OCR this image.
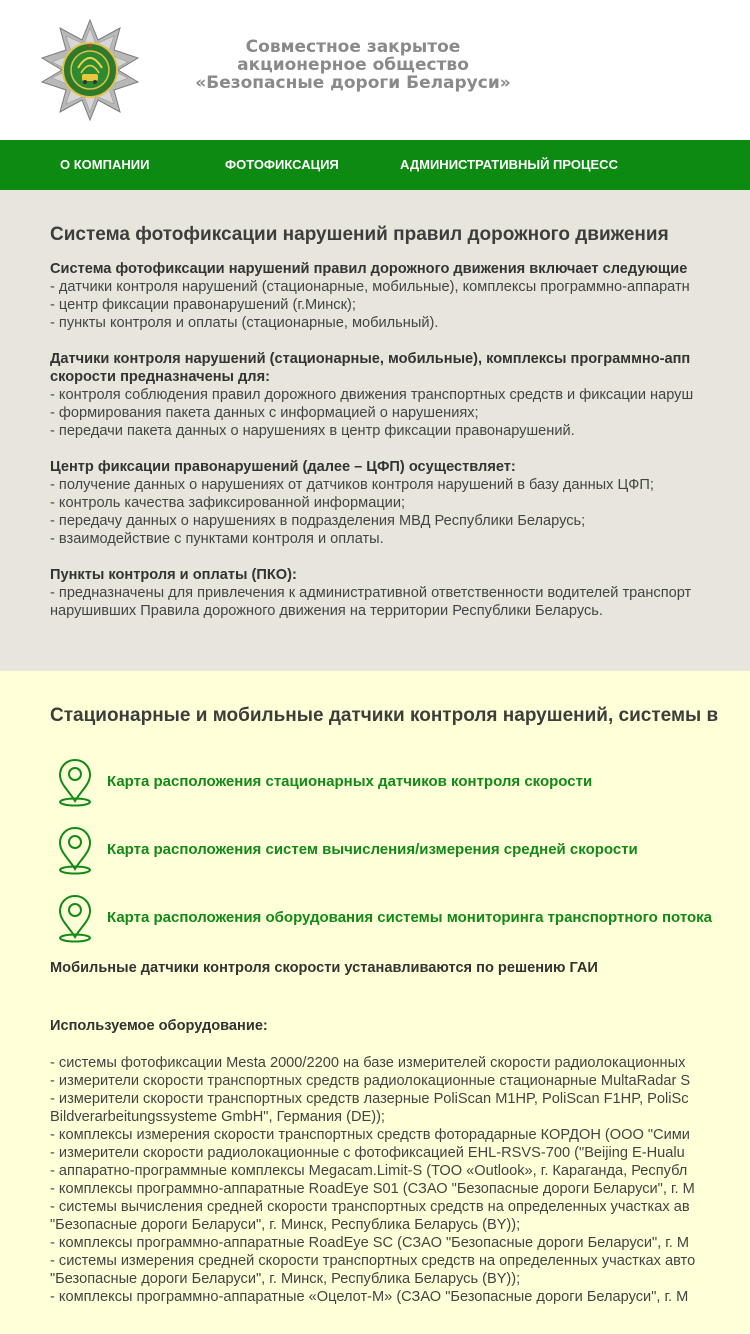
Совместное закрытое
акционерное общество
«Безопасные дороги Беларуси»
О КОМПАНИИ	ФОТОФИКСАЦИЯ	АДМИНИСТРАТИВНЫЙ ПРОЦЕСС
Система фотофиксации нарушений правил дорожного движения
Система фотофиксации нарушений правил дорожного движения включает следующие
- датчики контроля нарушений (стационарные, мобильные), комплексы программно-аппаратн
- центр фиксации правонарушений (г.Минск);
- пункты контроля и оплаты (стационарные, мобильный).
Датчики контроля нарушений (стационарные, мобильные), комплексы программно-апп
скорости предназначены для:
- контроля соблюдения правил дорожного движения транспортных средств и фиксации наруш
- формирования пакета данных с информацией о нарушениях;
- передачи пакета данных о нарушениях в центр фиксации правонарушений.
Центр фиксации правонарушений (далее – ЦФП) осуществляет:
- получение данных о нарушениях от датчиков контроля нарушений в базу данных ЦФП;
- контроль качества зафиксированной информации;
- передачу данных о нарушениях в подразделения МВД Республики Беларусь;
- взаимодействие с пунктами контроля и оплаты.
Пункты контроля и оплаты (ПКО):
- предназначены для привлечения к административной ответственности водителей транспорт
нарушивших Правила дорожного движения на территории Республики Беларусь.
Стационарные и мобильные датчики контроля нарушений, системы в
Карта расположения стационарных датчиков контроля скорости
Карта расположения систем вычисления/измерения средней скорости
Карта расположения оборудования системы мониторинга транспортного потока
Мобильные датчики контроля скорости устанавливаются по решению ГАИ
Используемое оборудование:
- системы фотофиксации Mesta 2000/2200 на базе измерителей скорости радиолокационных
- измерители скорости транспортных средств радиолокационные стационарные MultaRadar S
- измерители скорости транспортных средств лазерные PoliScan M1HP, PoliScan F1HP, PoliSc
Bildverarbeitungssysteme GmbH", Германия (DE));
- комплексы измерения скорости транспортных средств фоторадарные КОРДОН (ООО "Сими
- измерители скорости радиолокационные с фотофиксацией EHL-RSVS-700 ("Beijing E-Hualu
- аппаратно-программные комплексы Megacam.Limit-S (ТОО «Outlook», г. Караганда, Республ
- комплексы программно-аппаратные RoadEye S01 (СЗАО "Безопасные дороги Беларуси", г. М
- системы вычисления средней скорости транспортных средств на определенных участках ав
"Безопасные дороги Беларуси", г. Минск, Республика Беларусь (BY));
- комплексы программно-аппаратные RoadEye SC (СЗАО "Безопасные дороги Беларуси", г. М
- системы измерения средней скорости транспортных средств на определенных участках авто
"Безопасные дороги Беларуси", г. Минск, Республика Беларусь (BY));
- комплексы программно-аппаратные «Оцелот-М» (СЗАО "Безопасные дороги Беларуси", г. М
